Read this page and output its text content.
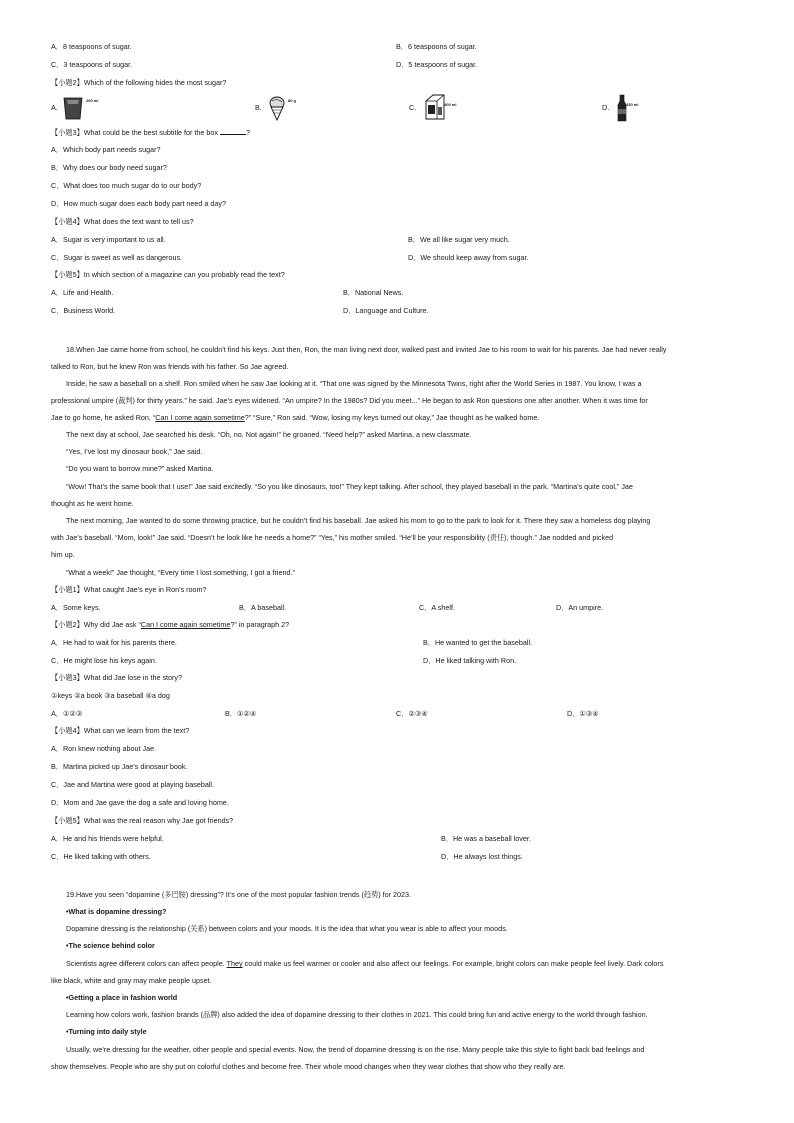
A．8 teaspoons of sugar.	B．6 teaspoons of sugar.
C．3 teaspoons of sugar.	D．5 teaspoons of sugar.
【小题2】Which of the following hides the most sugar?
A.
200 ml
B.
80 g
C.	400 ml	D.	330 ml
【小题3】What could be the best subtitle for the box	?
A．Which body part needs sugar?
B．Why does our body need sugar?
C．What does too much sugar do to our body?
D．How much sugar does each body part need a day?
【小题4】What does the text want to tell us?
A．Sugar is very important to us all.	B．We all like sugar very much.
C．Sugar is sweet as well as dangerous.	D．We should keep away from sugar.
【小题5】In which section of a magazine can you probably read the text?
A．Life and Health.	B．National News.
C．Business World.	D．Language and Culture.
18.When Jae came home from school, he couldn’t find his keys. Just then, Ron, the man living next door, walked past and invited Jae to his room to wait for his parents. Jae had never really
talked to Ron, but he knew Ron was friends with his father. So Jae agreed.
Inside, he saw a baseball on a shelf. Ron smiled when he saw Jae looking at it. “That one was signed by the Minnesota Twins, right after the World Series in 1987. You know, I was a
professional umpire (裁判) for thirty years.” he said. Jae’s eyes widened. “An umpire? In the 1980s? Did you meet...” He began to ask Ron questions one after another. When it was time for
Jae to go home, he asked Ron, “Can I come again sometime?” “Sure,” Ron said. “Wow, losing my keys turned out okay,” Jae thought as he walked home.
The next day at school, Jae searched his desk. “Oh, no. Not again!” he groaned. “Need help?” asked Martina, a new classmate.
“Yes, I’ve lost my dinosaur book,” Jae said.
“Do you want to borrow mine?” asked Martina.
“Wow! That’s the same book that I use!” Jae said excitedly. “So you like dinosaurs, too!” They kept talking. After school, they played baseball in the park. “Martina’s quite cool,” Jae
thought as he went home.
The next morning, Jae wanted to do some throwing practice, but he couldn’t find his baseball. Jae asked his mom to go to the park to look for it. There they saw a homeless dog playing
with Jae’s baseball. “Mom, look!” Jae said. “Doesn’t he look like he needs a home?” “Yes,” his mother smiled. “He’ll be your responsibility (责任), though.” Jae nodded and picked
him up.
“What a week!” Jae thought, “Every time I lost something, I got a friend.”
【小题1】What caught Jae’s eye in Ron’s room?
A．Some keys.	B．A baseball.	C．A shelf.	D．An umpire.
【小题2】Why did Jae ask “Can I come again sometime?” in paragraph 2?
A．He had to wait for his parents there.	B．He wanted to get the baseball.
C．He might lose his keys again.	D．He liked talking with Ron.
【小题3】What did Jae lose in the story?
①keys ②a book ③a baseball ④a dog
A．①②③	B．①②④	C．②③④	D．①③④
【小题4】What can we learn from the text?
A．Ron knew nothing about Jae.
B．Martina picked up Jae’s dinosaur book.
C．Jae and Martina were good at playing baseball.
D．Mom and Jae gave the dog a safe and loving home.
【小题5】What was the real reason why Jae got friends?
A．He and his friends were helpful.	B．He was a baseball lover.
C．He liked talking with others.	D．He always lost things.
19.Have you seen “dopamine (多巴胺) dressing”? It’s one of the most popular fashion trends (趋势) for 2023.
•What is dopamine dressing?
Dopamine dressing is the relationship (关系) between colors and your moods. It is the idea that what you wear is able to affect your moods.
•The science behind color
Scientists agree different colors can affect people. They could make us feel warmer or cooler and also affect our feelings. For example, bright colors can make people feel lively. Dark colors
like black, white and gray may make people upset.
•Getting a place in fashion world
Learning how colors work, fashion brands (品牌) also added the idea of dopamine dressing to their clothes in 2021. This could bring fun and active energy to the world through fashion.
•Turning into daily style
Usually, we’re dressing for the weather, other people and special events. Now, the trend of dopamine dressing is on the rise. Many people take this style to fight back bad feelings and
show themselves. People who are shy put on colorful clothes and become free. Their whole mood changes when they wear clothes that show who they really are.
